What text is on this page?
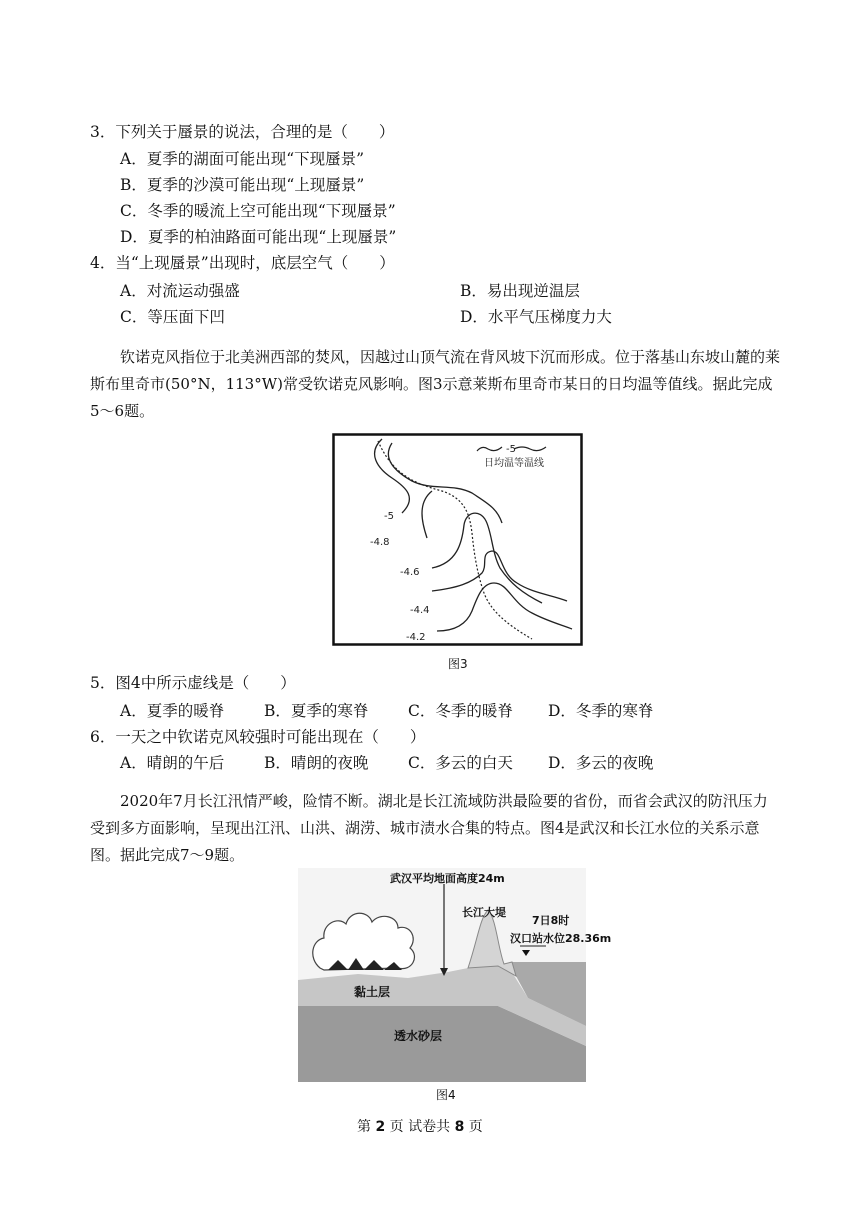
3．下列关于蜃景的说法，合理的是（　　）
A．夏季的湖面可能出现“下现蜃景”
B．夏季的沙漠可能出现“上现蜃景”
C．冬季的暖流上空可能出现“下现蜃景”
D．夏季的柏油路面可能出现“上现蜃景”
4．当“上现蜃景”出现时，底层空气（　　）
A．对流运动强盛	B．易出现逆温层
C．等压面下凹	D．水平气压梯度力大
钦诺克风指位于北美洲西部的焚风，因越过山顶气流在背风坡下沉而形成。位于落基山东坡山麓的莱斯布里奇市(50°N，113°W)常受钦诺克风影响。图3示意莱斯布里奇市某日的日均温等值线。据此完成5～6题。
-5
日均温等温线
-5
-4.8
-4.6
-4.4
-4.2
图3
5．图4中所示虚线是（　　）
A．夏季的暖脊	B．夏季的寒脊	C．冬季的暖脊 D．冬季的寒脊
6．一天之中钦诺克风较强时可能出现在（　　）
A．晴朗的午后	B．晴朗的夜晚	C．多云的白天 D．多云的夜晚
2020年7月长江汛情严峻，险情不断。湖北是长江流域防洪最险要的省份，而省会武汉的防汛压力受到多方面影响，呈现出江汛、山洪、湖涝、城市渍水合集的特点。图4是武汉和长江水位的关系示意图。据此完成7～9题。
武汉平均地面高度24m
长江大堤
7日8时
汉口站水位28.36m
黏土层
透水砂层
图4
第 2 页 试卷共 8 页
